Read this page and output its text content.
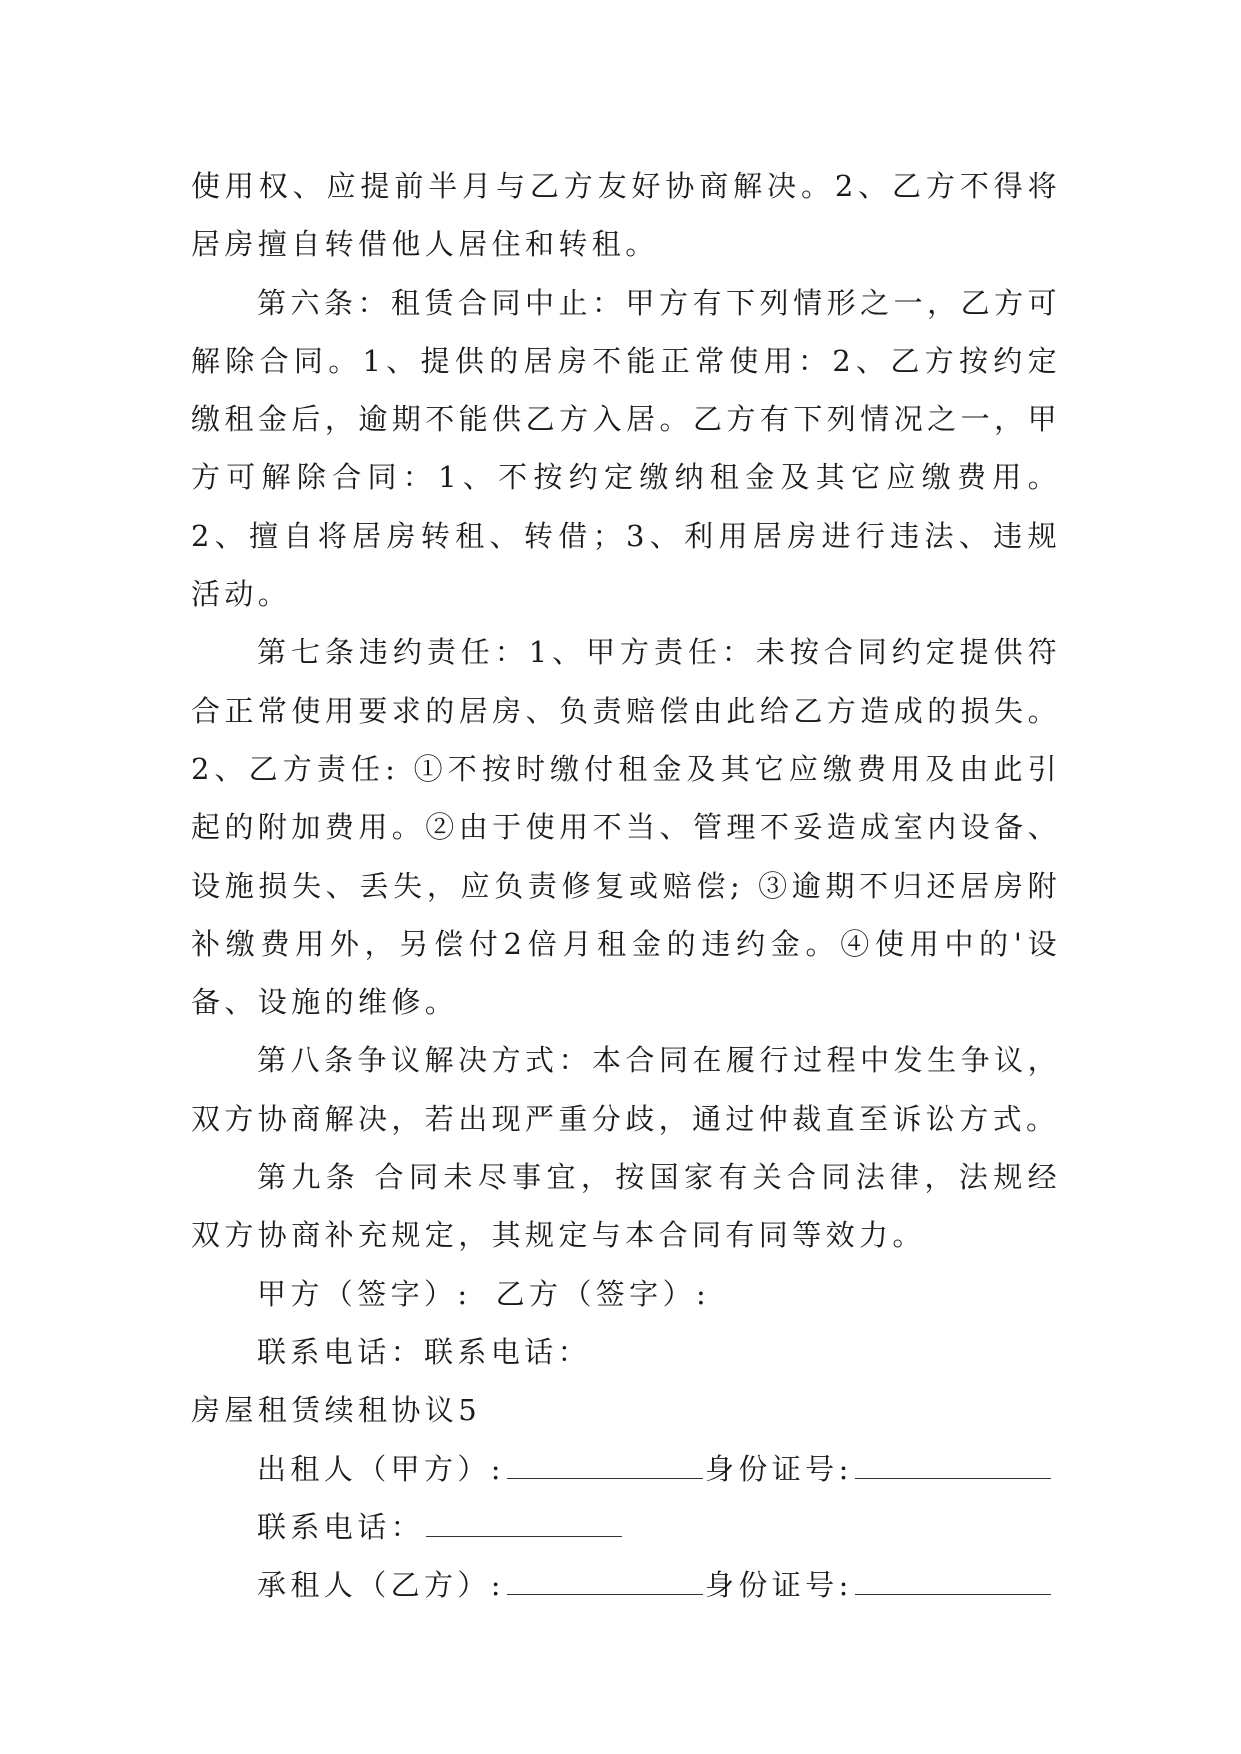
使用权、应提前半月与乙方友好协商解决。2、乙方不得将居房擅自转借他人居住和转租。

第六条：租赁合同中止：甲方有下列情形之一，乙方可解除合同。1、提供的居房不能正常使用：2、乙方按约定缴租金后，逾期不能供乙方入居。乙方有下列情况之一，甲方可解除合同：1、不按约定缴纳租金及其它应缴费用。2、擅自将居房转租、转借；3、利用居房进行违法、违规活动。

第七条违约责任：1、甲方责任：未按合同约定提供符合正常使用要求的居房、负责赔偿由此给乙方造成的损失。2、乙方责任: ①不按时缴付租金及其它应缴费用及由此引起的附加费用。②由于使用不当、管理不妥造成室内设备、设施损失、丢失，应负责修复或赔偿; ③逾期不归还居房附补缴费用外，另偿付2倍月租金的违约金。④使用中的'设备、设施的维修。

第八条争议解决方式：本合同在履行过程中发生争议，双方协商解决，若出现严重分歧，通过仲裁直至诉讼方式。

第九条 合同未尽事宜，按国家有关合同法律，法规经双方协商补充规定，其规定与本合同有同等效力。

甲方（签字）: 乙方（签字）:
联系电话：联系电话：
房屋租赁续租协议5
出租人（甲方）:	身份证号:
联系电话：
承租人（乙方）:	身份证号:
